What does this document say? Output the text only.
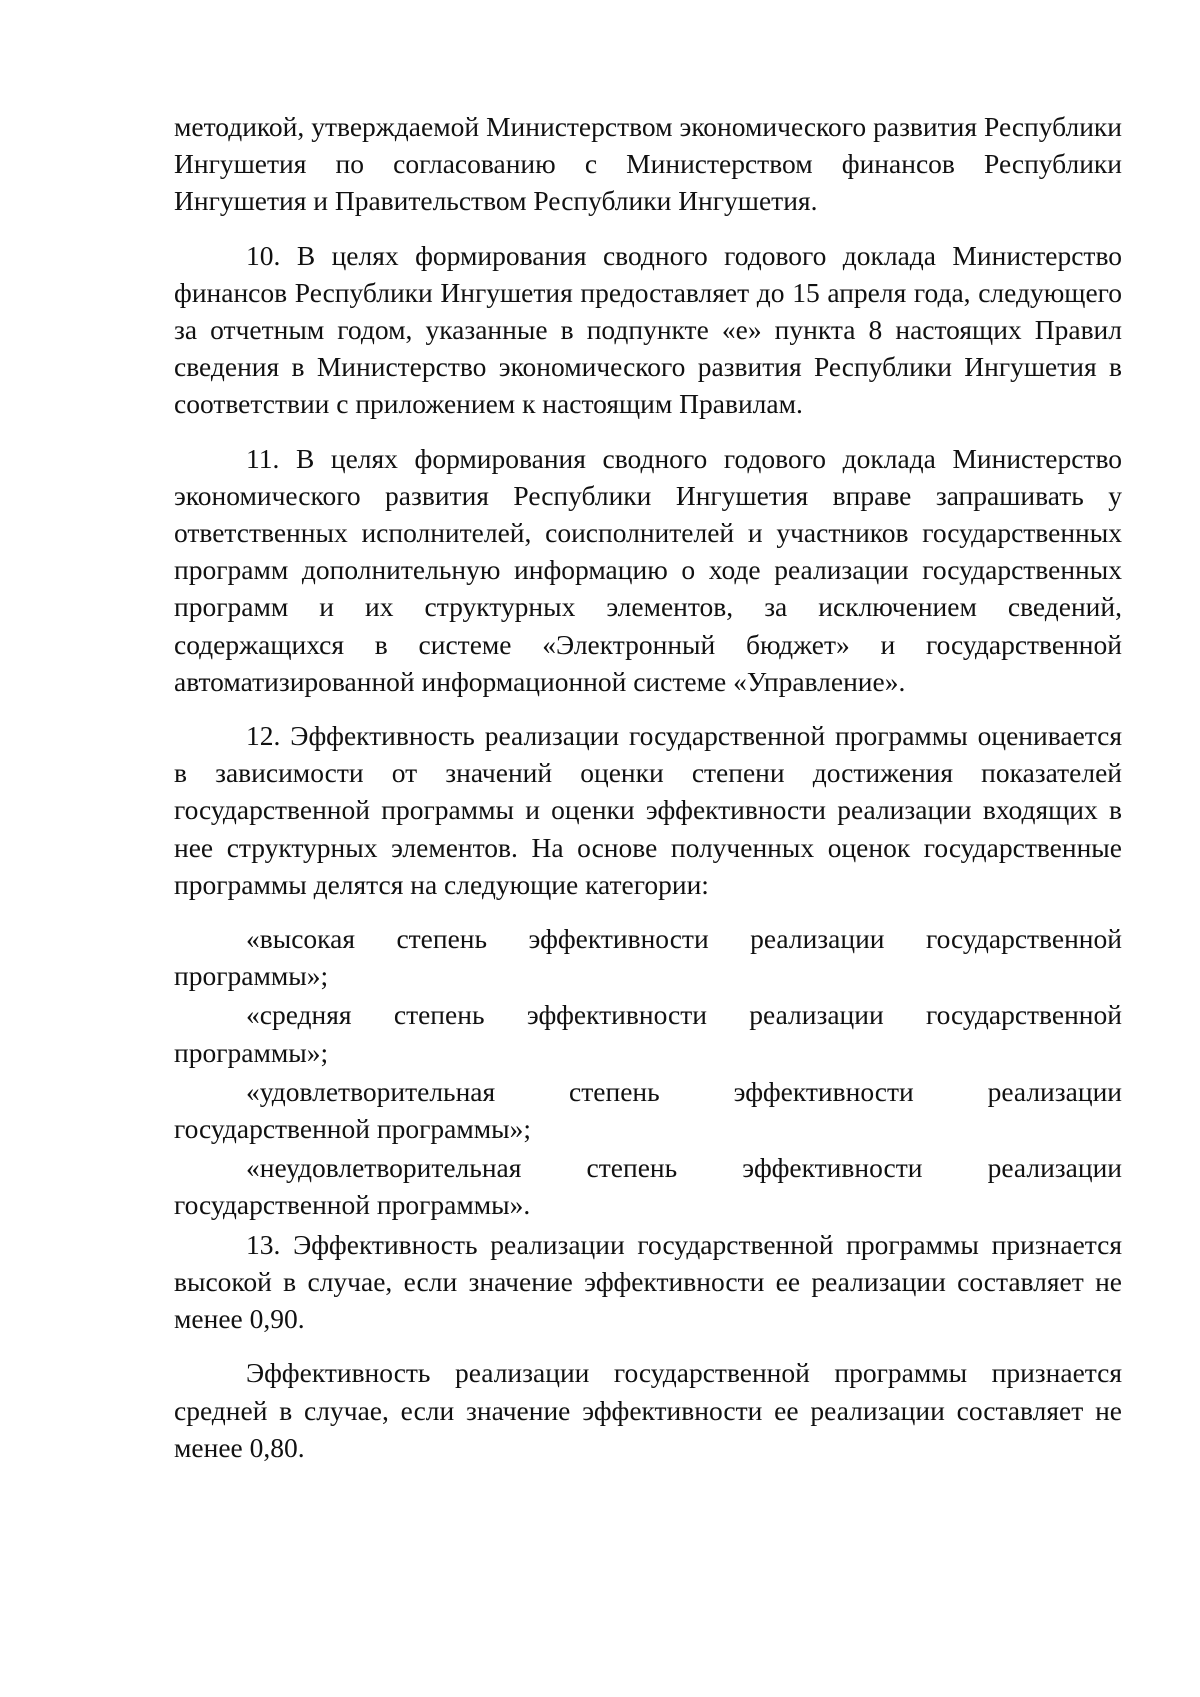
методикой, утверждаемой Министерством экономического развития Республики Ингушетия по согласованию с Министерством финансов Республики Ингушетия и Правительством Республики Ингушетия.

10. В целях формирования сводного годового доклада Министерство финансов Республики Ингушетия предоставляет до 15 апреля года, следующего за отчетным годом, указанные в подпункте «е» пункта 8 настоящих Правил сведения в Министерство экономического развития Республики Ингушетия в соответствии с приложением к настоящим Правилам.

11. В целях формирования сводного годового доклада Министерство экономического развития Республики Ингушетия вправе запрашивать у ответственных исполнителей, соисполнителей и участников государственных программ дополнительную информацию о ходе реализации государственных программ и их структурных элементов, за исключением сведений, содержащихся в системе «Электронный бюджет» и государственной автоматизированной информационной системе «Управление».

12. Эффективность реализации государственной программы оценивается в зависимости от значений оценки степени достижения показателей государственной программы и оценки эффективности реализации входящих в нее структурных элементов. На основе полученных оценок государственные программы делятся на следующие категории:

«высокая степень эффективности реализации государственной программы»;

«средняя степень эффективности реализации государственной программы»;

«удовлетворительная степень эффективности реализации государственной программы»;

«неудовлетворительная степень эффективности реализации государственной программы».

13. Эффективность реализации государственной программы признается высокой в случае, если значение эффективности ее реализации составляет не менее 0,90.

Эффективность реализации государственной программы признается средней в случае, если значение эффективности ее реализации составляет не менее 0,80.
